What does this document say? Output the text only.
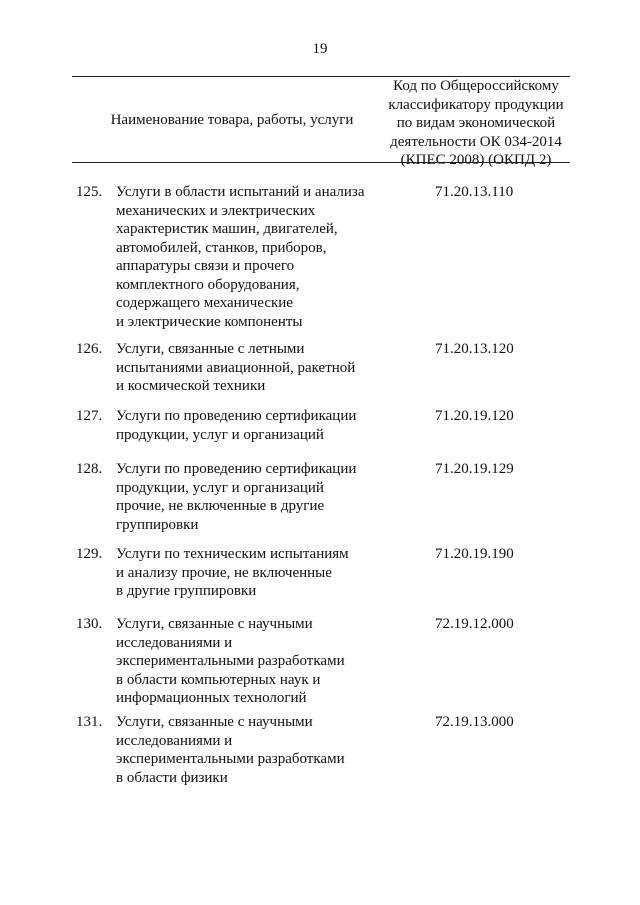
19
Наименование товара, работы, услуги
Код по Общероссийскому
классификатору продукции
по видам экономической
деятельности ОК 034-2014
(КПЕС 2008) (ОКПД 2)
125. Услуги в области испытаний и анализа
механических и электрических
характеристик машин, двигателей,
автомобилей, станков, приборов,
аппаратуры связи и прочего
комплектного оборудования,
содержащего механические
и электрические компоненты
71.20.13.110
126. Услуги, связанные с летными
испытаниями авиационной, ракетной
и космической техники
71.20.13.120
127. Услуги по проведению сертификации
продукции, услуг и организаций
71.20.19.120
128. Услуги по проведению сертификации
продукции, услуг и организаций
прочие, не включенные в другие
группировки
71.20.19.129
129. Услуги по техническим испытаниям
и анализу прочие, не включенные
в другие группировки
71.20.19.190
130. Услуги, связанные с научными
исследованиями и
экспериментальными разработками
в области компьютерных наук и
информационных технологий
72.19.12.000
131. Услуги, связанные с научными
исследованиями и
экспериментальными разработками
в области физики
72.19.13.000
